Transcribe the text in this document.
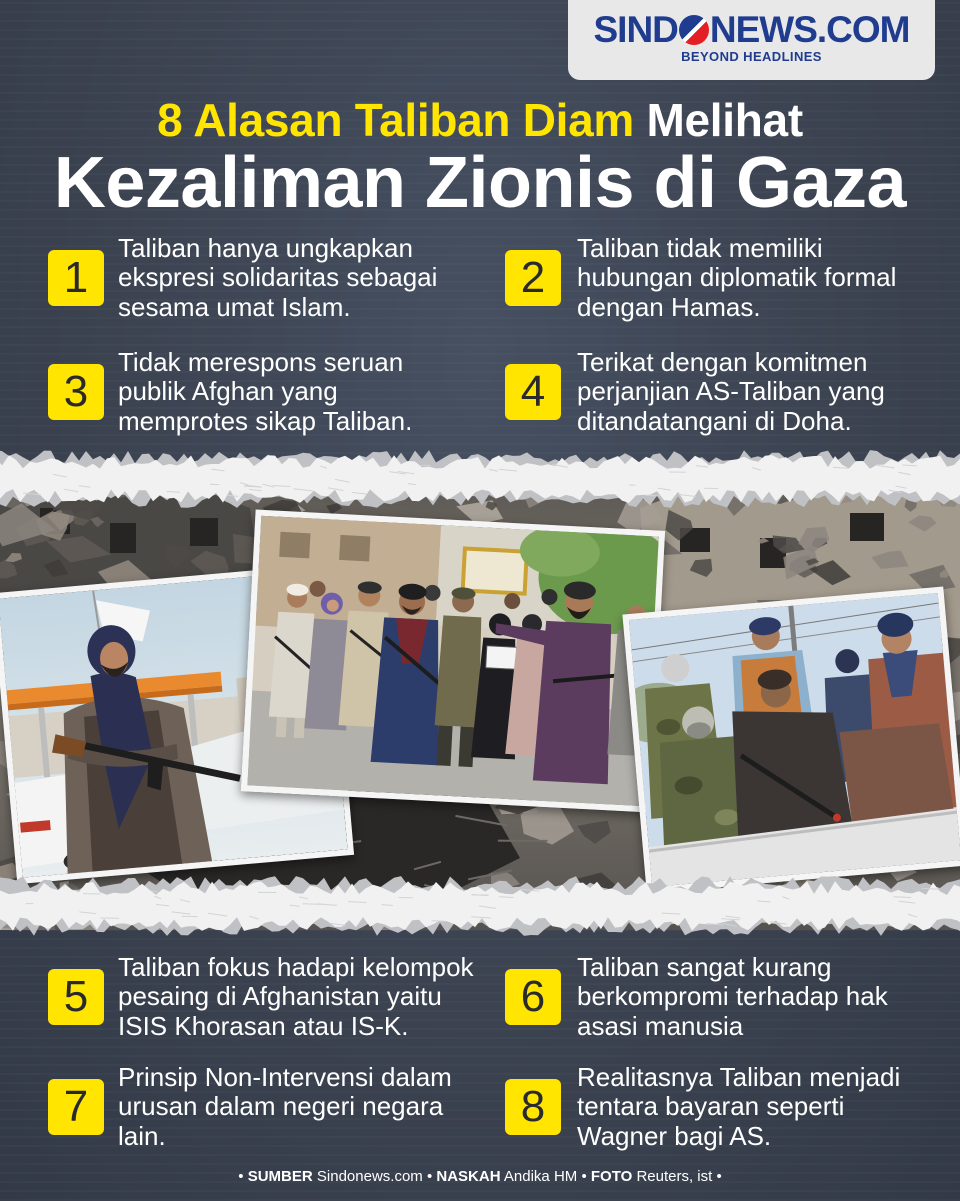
SIND NEWS.COM
BEYOND HEADLINES
8 Alasan Taliban Diam Melihat
Kezaliman Zionis di Gaza
1
Taliban hanya ungkapkan
ekspresi solidaritas sebagai
sesama umat Islam.
2
Taliban tidak memiliki
hubungan diplomatik formal
dengan Hamas.
3
Tidak merespons seruan
publik Afghan yang
memprotes sikap Taliban.
4
Terikat dengan komitmen
perjanjian AS-Taliban yang
ditandatangani di Doha.
5
Taliban fokus hadapi kelompok
pesaing di Afghanistan yaitu
ISIS Khorasan atau IS-K.
6
Taliban sangat kurang
berkompromi terhadap hak
asasi manusia
7
Prinsip Non-Intervensi dalam
urusan dalam negeri negara
lain.
8
Realitasnya Taliban menjadi
tentara bayaran seperti
Wagner bagi AS.
• SUMBER Sindonews.com • NASKAH Andika HM • FOTO Reuters, ist •
